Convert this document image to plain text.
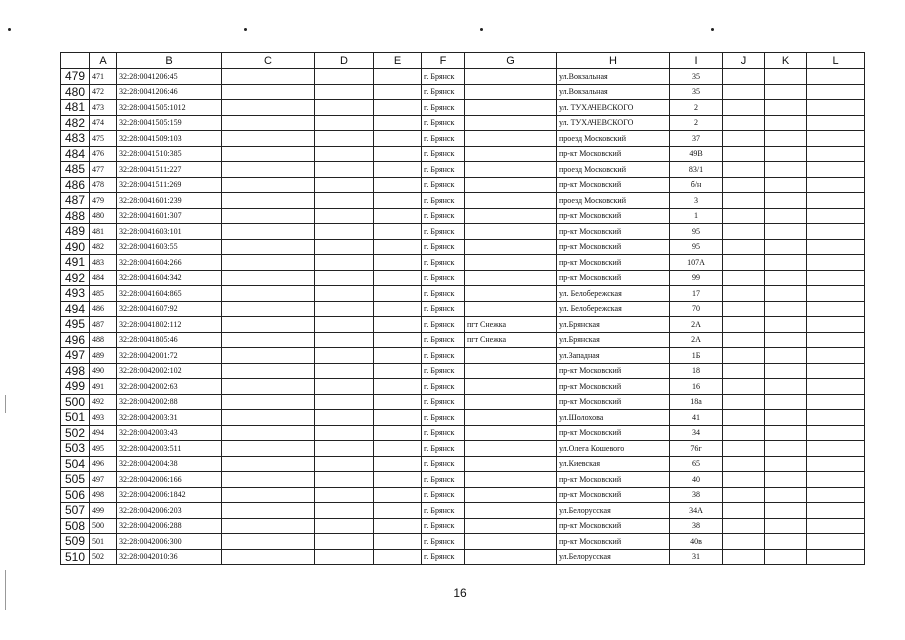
	A	B	C	D	E	F	G	H	I	J	K	L
479	471	32:28:0041206:45				г. Брянск		ул.Вокзальная	35			
480	472	32:28:0041206:46				г. Брянск		ул.Вокзальная	35			
481	473	32:28:0041505:1012				г. Брянск		ул. ТУХАЧЕВСКОГО	2			
482	474	32:28:0041505:159				г. Брянск		ул. ТУХАЧЕВСКОГО	2			
483	475	32:28:0041509:103				г. Брянск		проезд Московский	37			
484	476	32:28:0041510:385				г. Брянск		пр-кт Московский	49В			
485	477	32:28:0041511:227				г. Брянск		проезд Московский	83/1			
486	478	32:28:0041511:269				г. Брянск		пр-кт Московский	б/н			
487	479	32:28:0041601:239				г. Брянск		проезд Московский	3			
488	480	32:28:0041601:307				г. Брянск		пр-кт Московский	1			
489	481	32:28:0041603:101				г. Брянск		пр-кт Московский	95			
490	482	32:28:0041603:55				г. Брянск		пр-кт Московский	95			
491	483	32:28:0041604:266				г. Брянск		пр-кт Московский	107А			
492	484	32:28:0041604:342				г. Брянск		пр-кт Московский	99			
493	485	32:28:0041604:865				г. Брянск		ул. Белобережская	17			
494	486	32:28:0041607:92				г. Брянск		ул. Белобережская	70			
495	487	32:28:0041802:112				г. Брянск	пгт Снежка	ул.Брянская	2А			
496	488	32:28:0041805:46				г. Брянск	пгт Снежка	ул.Брянская	2А			
497	489	32:28:0042001:72				г. Брянск		ул.Западная	1Б			
498	490	32:28:0042002:102				г. Брянск		пр-кт Московский	18			
499	491	32:28:0042002:63				г. Брянск		пр-кт Московский	16			
500	492	32:28:0042002:88				г. Брянск		пр-кт Московский	18а			
501	493	32:28:0042003:31				г. Брянск		ул.Шолохова	41			
502	494	32:28:0042003:43				г. Брянск		пр-кт Московский	34			
503	495	32:28:0042003:511				г. Брянск		ул.Олега Кошевого	76г			
504	496	32:28:0042004:38				г. Брянск		ул.Киевская	65			
505	497	32:28:0042006:166				г. Брянск		пр-кт Московский	40			
506	498	32:28:0042006:1842				г. Брянск		пр-кт Московский	38			
507	499	32:28:0042006:203				г. Брянск		ул.Белорусская	34А			
508	500	32:28:0042006:288				г. Брянск		пр-кт Московский	38			
509	501	32:28:0042006:300				г. Брянск		пр-кт Московский	40в			
510	502	32:28:0042010:36				г. Брянск		ул.Белорусская	31			
16
